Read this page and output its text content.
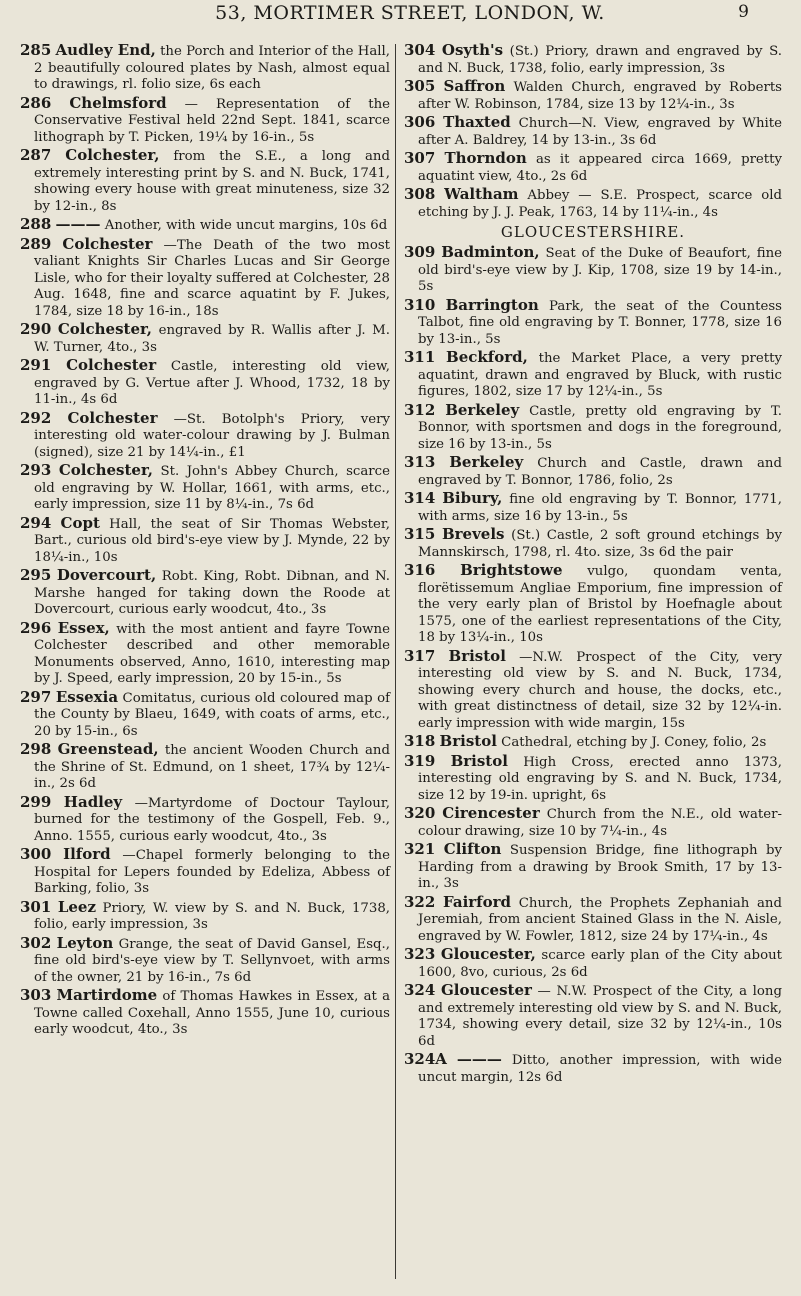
53, MORTIMER STREET, LONDON, W.	9

285 Audley End, the Porch and Interior of the Hall, 2 beautifully coloured plates by Nash, almost equal to drawings, rl. folio size, 6s each

286 Chelmsford — Representation of the Conservative Festival held 22nd Sept. 1841, scarce lithograph by T. Picken, 19¼ by 16-in., 5s

287 Colchester, from the S.E., a long and extremely interesting print by S. and N. Buck, 1741, showing every house with great minuteness, size 32 by 12-in., 8s

288 ——— Another, with wide uncut margins, 10s 6d

289 Colchester —The Death of the two most valiant Knights Sir Charles Lucas and Sir George Lisle, who for their loyalty suffered at Colchester, 28 Aug. 1648, fine and scarce aquatint by F. Jukes, 1784, size 18 by 16-in., 18s

290 Colchester, engraved by R. Wallis after J. M. W. Turner, 4to., 3s

291 Colchester Castle, interesting old view, engraved by G. Vertue after J. Whood, 1732, 18 by 11-in., 4s 6d

292 Colchester —St. Botolph's Priory, very interesting old water-colour drawing by J. Bulman (signed), size 21 by 14¼-in., £1

293 Colchester, St. John's Abbey Church, scarce old engraving by W. Hollar, 1661, with arms, etc., early impression, size 11 by 8¼-in., 7s 6d

294 Copt Hall, the seat of Sir Thomas Webster, Bart., curious old bird's-eye view by J. Mynde, 22 by 18¼-in., 10s

295 Dovercourt, Robt. King, Robt. Dibnan, and N. Marshe hanged for taking down the Roode at Dovercourt, curious early woodcut, 4to., 3s

296 Essex, with the most antient and fayre Towne Colchester described and other memorable Monuments observed, Anno, 1610, interesting map by J. Speed, early impression, 20 by 15-in., 5s

297 Essexia Comitatus, curious old coloured map of the County by Blaeu, 1649, with coats of arms, etc., 20 by 15-in., 6s

298 Greenstead, the ancient Wooden Church and the Shrine of St. Edmund, on 1 sheet, 17¾ by 12¼-in., 2s 6d

299 Hadley —Martyrdome of Doctour Taylour, burned for the testimony of the Gospell, Feb. 9., Anno. 1555, curious early woodcut, 4to., 3s

300 Ilford —Chapel formerly belonging to the Hospital for Lepers founded by Edeliza, Abbess of Barking, folio, 3s

301 Leez Priory, W. view by S. and N. Buck, 1738, folio, early impression, 3s

302 Leyton Grange, the seat of David Gansel, Esq., fine old bird's-eye view by T. Sellynvoet, with arms of the owner, 21 by 16-in., 7s 6d

303 Martirdome of Thomas Hawkes in Essex, at a Towne called Coxehall, Anno 1555, June 10, curious early woodcut, 4to., 3s

304 Osyth's (St.) Priory, drawn and engraved by S. and N. Buck, 1738, folio, early impression, 3s

305 Saffron Walden Church, engraved by Roberts after W. Robinson, 1784, size 13 by 12¼-in., 3s

306 Thaxted Church—N. View, engraved by White after A. Baldrey, 14 by 13-in., 3s 6d

307 Thorndon as it appeared circa 1669, pretty aquatint view, 4to., 2s 6d

308 Waltham Abbey — S.E. Prospect, scarce old etching by J. J. Peak, 1763, 14 by 11¼-in., 4s

GLOUCESTERSHIRE.

309 Badminton, Seat of the Duke of Beaufort, fine old bird's-eye view by J. Kip, 1708, size 19 by 14-in., 5s

310 Barrington Park, the seat of the Countess Talbot, fine old engraving by T. Bonner, 1778, size 16 by 13-in., 5s

311 Beckford, the Market Place, a very pretty aquatint, drawn and engraved by Bluck, with rustic figures, 1802, size 17 by 12¼-in., 5s

312 Berkeley Castle, pretty old engraving by T. Bonnor, with sportsmen and dogs in the foreground, size 16 by 13-in., 5s

313 Berkeley Church and Castle, drawn and engraved by T. Bonnor, 1786, folio, 2s

314 Bibury, fine old engraving by T. Bonnor, 1771, with arms, size 16 by 13-in., 5s

315 Brevels (St.) Castle, 2 soft ground etchings by Mannskirsch, 1798, rl. 4to. size, 3s 6d the pair

316 Brightstowe vulgo, quondam venta, florëtissemum Angliae Emporium, fine impression of the very early plan of Bristol by Hoefnagle about 1575, one of the earliest representations of the City, 18 by 13¼-in., 10s

317 Bristol —N.W. Prospect of the City, very interesting old view by S. and N. Buck, 1734, showing every church and house, the docks, etc., with great distinctness of detail, size 32 by 12¼-in. early impression with wide margin, 15s

318 Bristol Cathedral, etching by J. Coney, folio, 2s

319 Bristol High Cross, erected anno 1373, interesting old engraving by S. and N. Buck, 1734, size 12 by 19-in. upright, 6s

320 Cirencester Church from the N.E., old water-colour drawing, size 10 by 7¼-in., 4s

321 Clifton Suspension Bridge, fine lithograph by Harding from a drawing by Brook Smith, 17 by 13-in., 3s

322 Fairford Church, the Prophets Zephaniah and Jeremiah, from ancient Stained Glass in the N. Aisle, engraved by W. Fowler, 1812, size 24 by 17¼-in., 4s

323 Gloucester, scarce early plan of the City about 1600, 8vo, curious, 2s 6d

324 Gloucester — N.W. Prospect of the City, a long and extremely interesting old view by S. and N. Buck, 1734, showing every detail, size 32 by 12¼-in., 10s 6d

324A ——— Ditto, another impression, with wide uncut margin, 12s 6d
